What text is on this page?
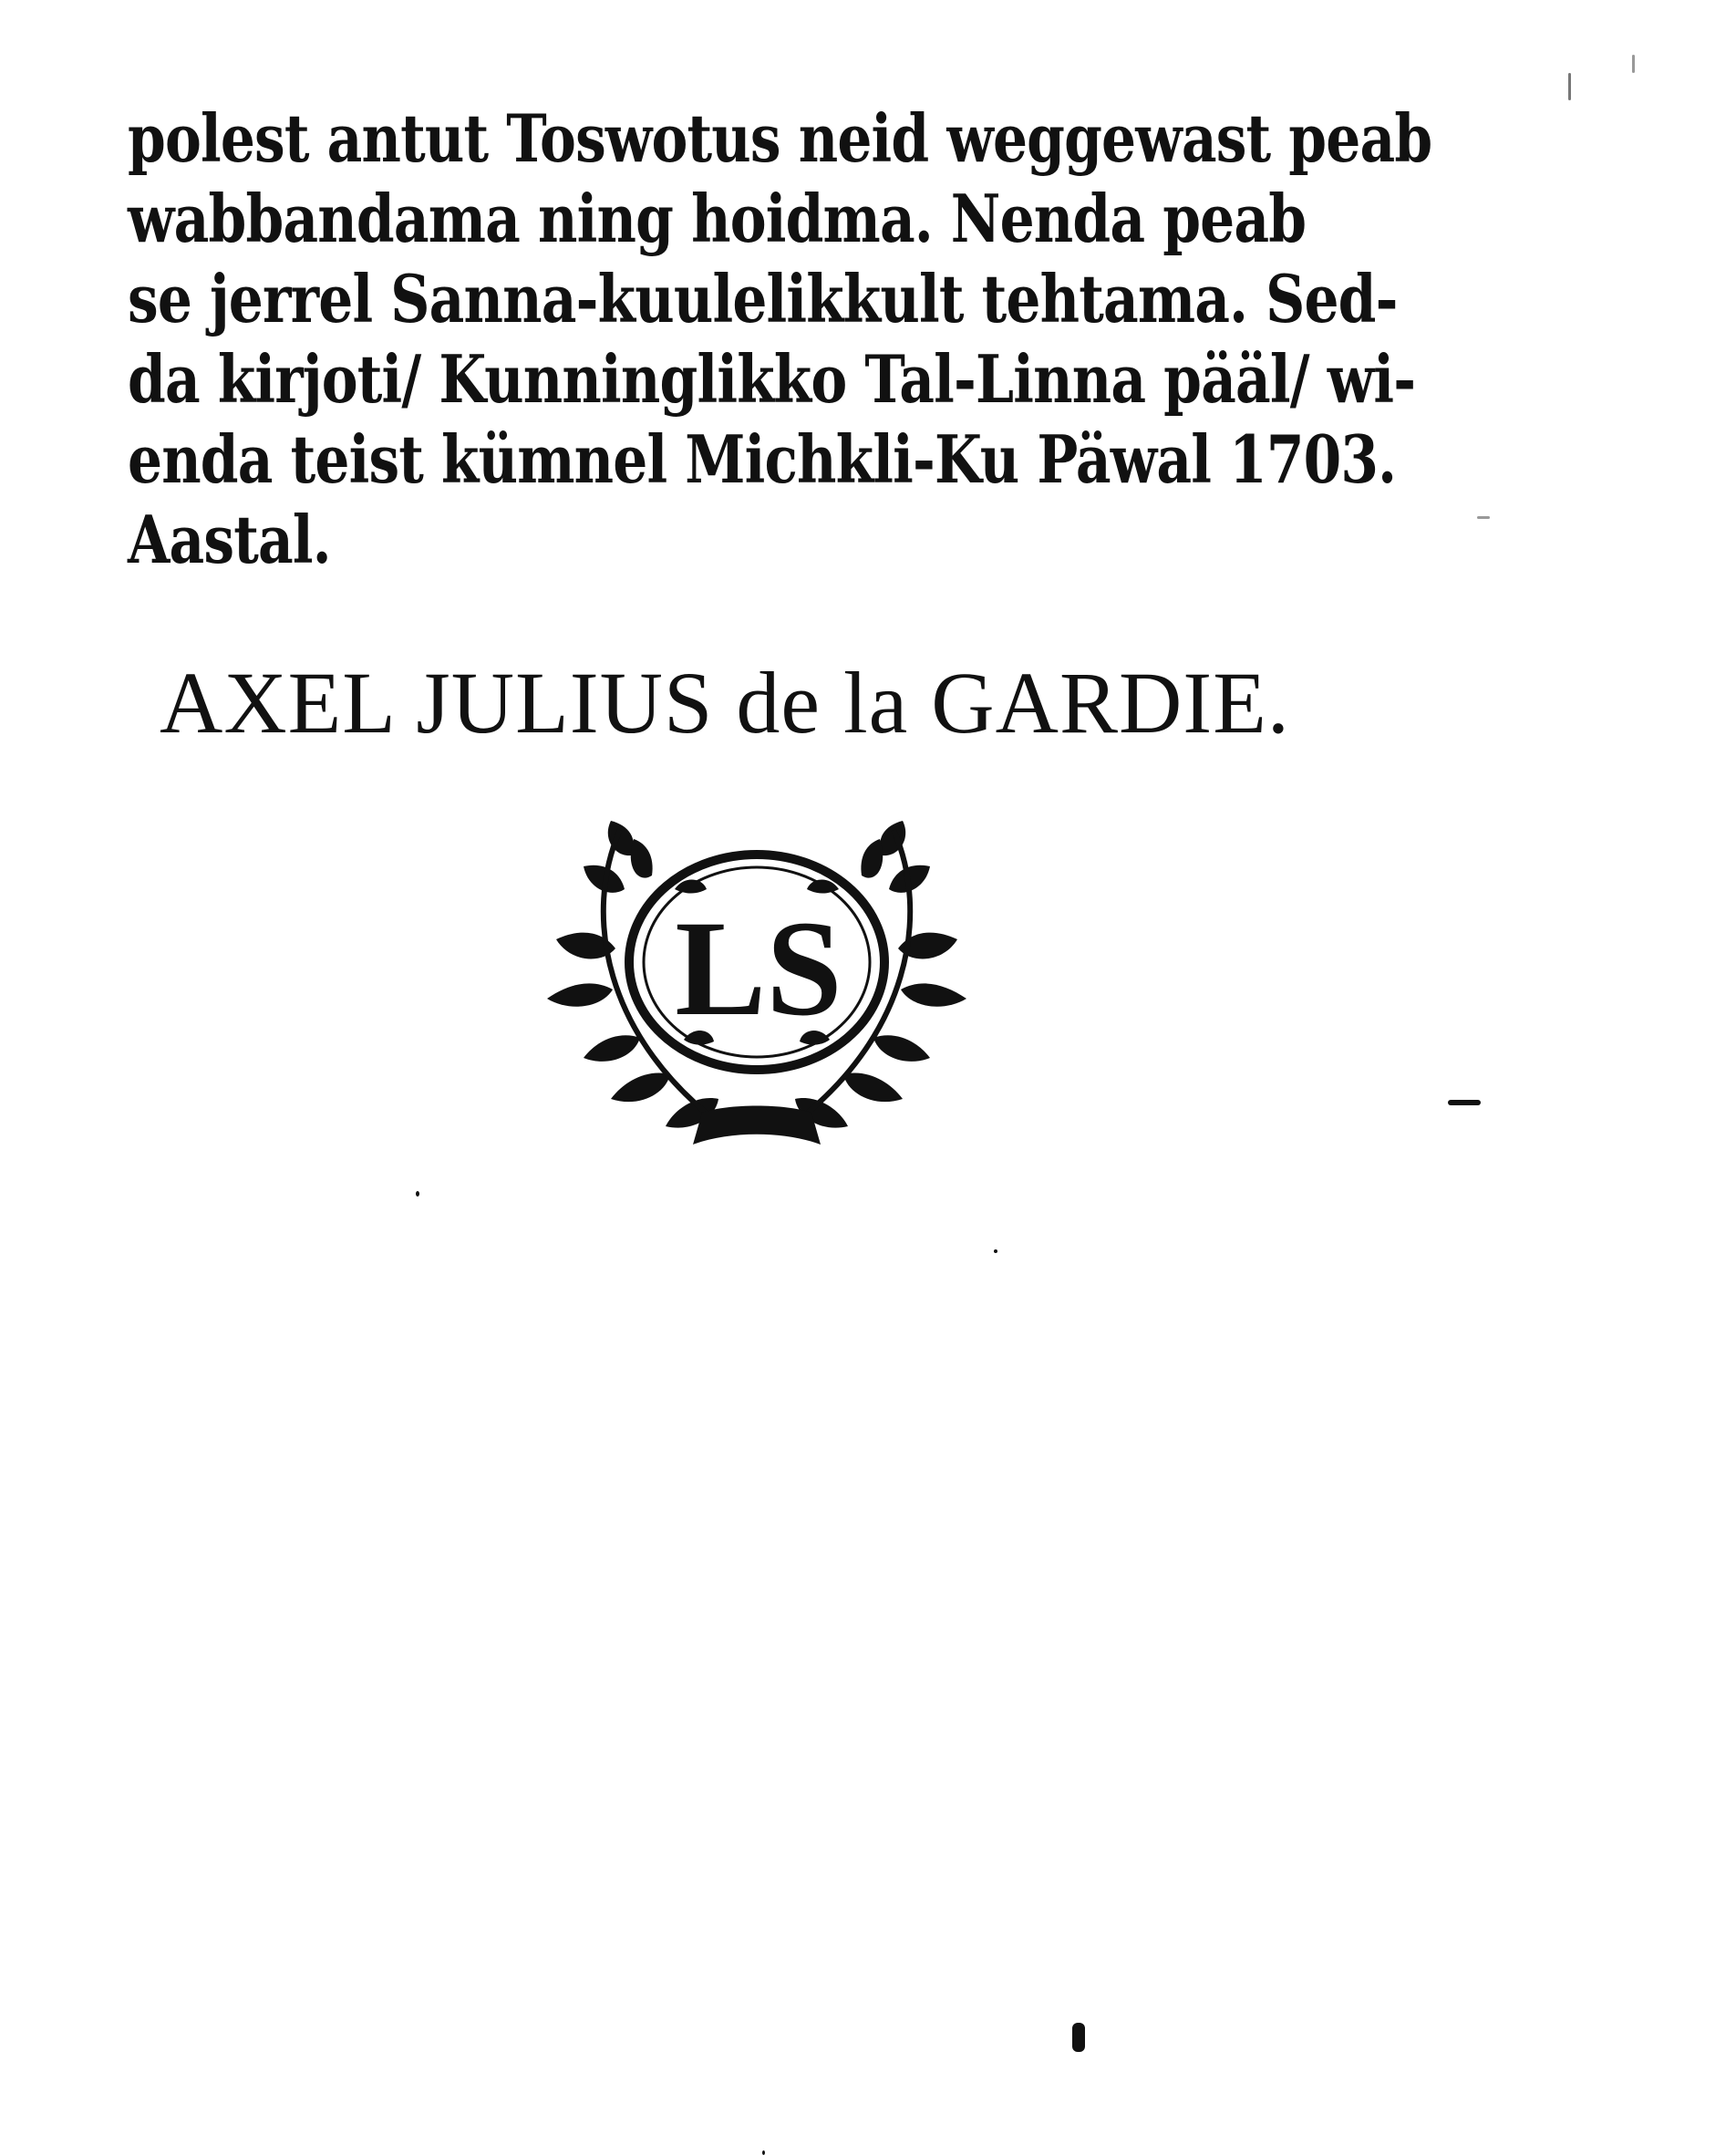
polest antut Toswotus neid weggewast peab
wabbandama ning hoidma. Nenda peab
se jerrel Sanna-kuulelikkult tehtama. Sed-
da kirjoti/ Kunninglikko Tal-Linna pääl/ wi-
enda teist kümnel Michkli-Ku Päwal 1703.
Aastal.
AXEL JULIUS de la GARDIE.
LS
